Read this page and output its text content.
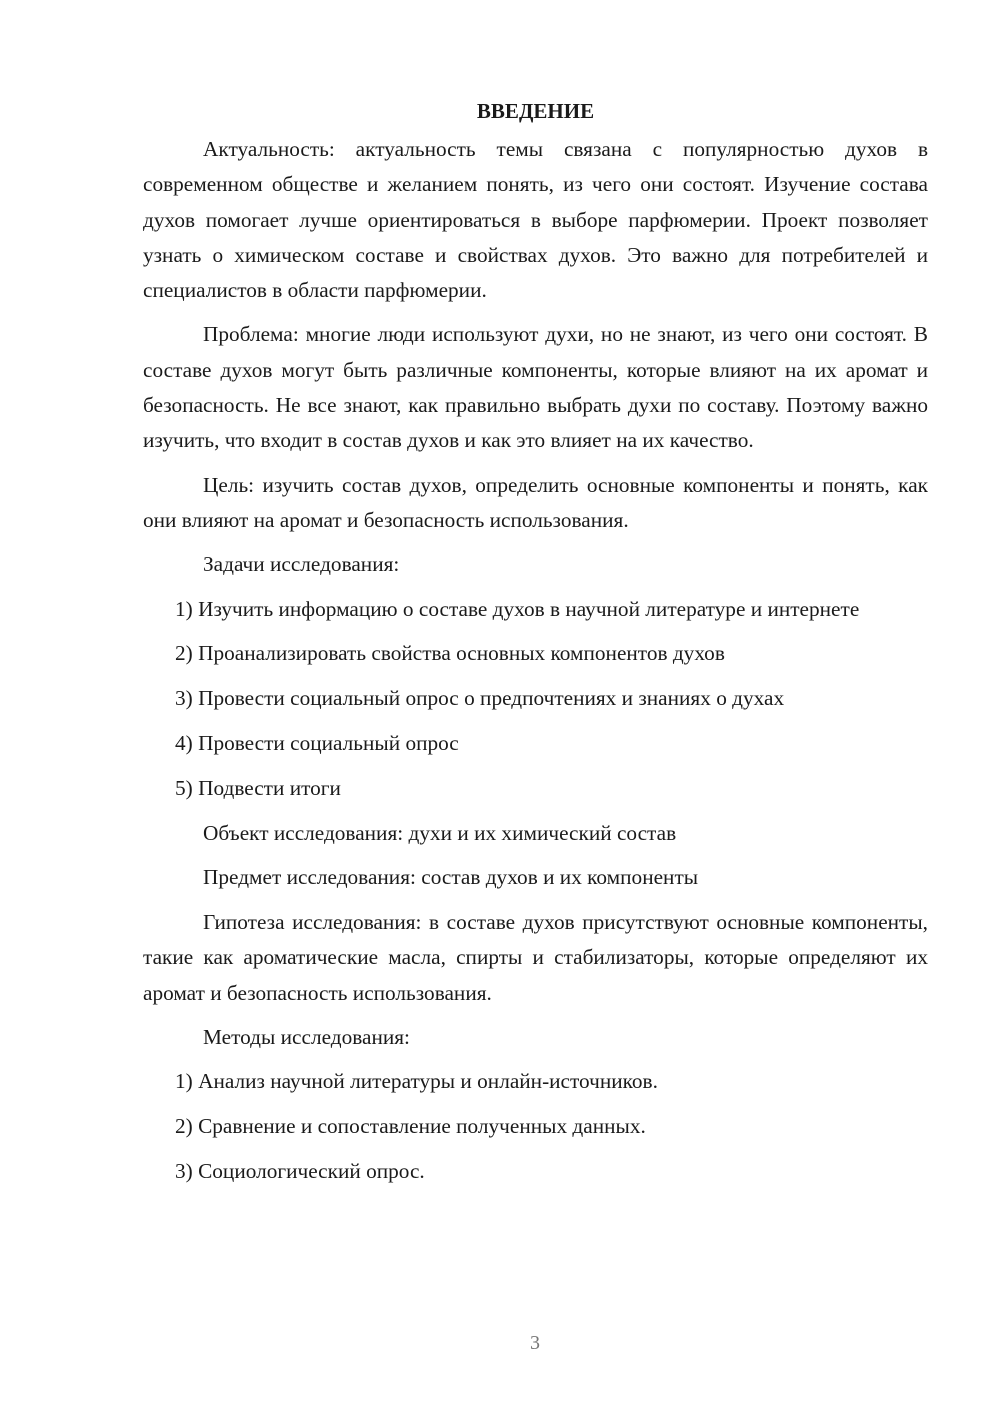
ВВЕДЕНИЕ

Актуальность: актуальность темы связана с популярностью духов в современном обществе и желанием понять, из чего они состоят. Изучение состава духов помогает лучше ориентироваться в выборе парфюмерии. Проект позволяет узнать о химическом составе и свойствах духов. Это важно для потребителей и специалистов в области парфюмерии.

Проблема: многие люди используют духи, но не знают, из чего они состоят. В составе духов могут быть различные компоненты, которые влияют на их аромат и безопасность. Не все знают, как правильно выбрать духи по составу. Поэтому важно изучить, что входит в состав духов и как это влияет на их качество.

Цель: изучить состав духов, определить основные компоненты и понять, как они влияют на аромат и безопасность использования.

Задачи исследования:

1) Изучить информацию о составе духов в научной литературе и интернете

2) Проанализировать свойства основных компонентов духов

3) Провести социальный опрос о предпочтениях и знаниях о духах

4) Провести социальный опрос

5) Подвести итоги

Объект исследования: духи и их химический состав

Предмет исследования: состав духов и их компоненты

Гипотеза исследования: в составе духов присутствуют основные компоненты, такие как ароматические масла, спирты и стабилизаторы, которые определяют их аромат и безопасность использования.

Методы исследования:

1) Анализ научной литературы и онлайн-источников.

2) Сравнение и сопоставление полученных данных.

3) Социологический опрос.

3
